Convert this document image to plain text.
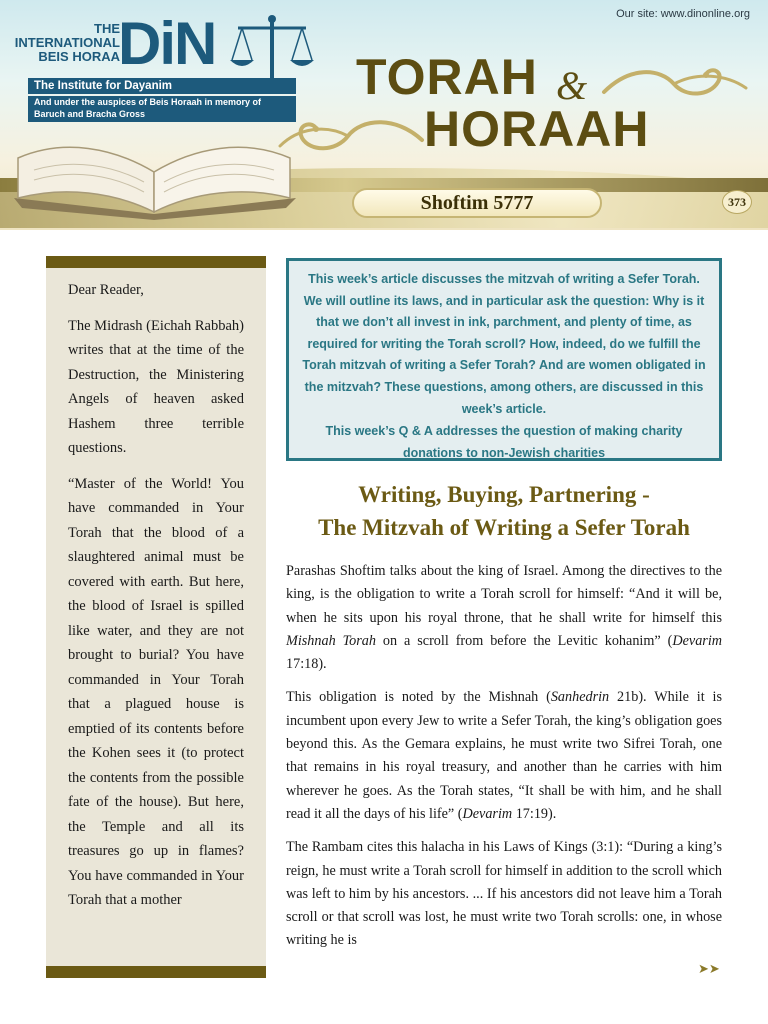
THE
INTERNATIONAL
BEIS HORAA
DiN
The Institute for Dayanim
And under the auspices of Beis Horaah in memory of Baruch and Bracha Gross
Our site: www.dinonline.org
TORAH &
HORAAH
Shoftim 5777	373

Dear Reader,

The Midrash (Eichah Rabbah) writes that at the time of the Destruction, the Ministering Angels of heaven asked Hashem three terrible questions.

“Master of the World! You have commanded in Your Torah that the blood of a slaughtered animal must be covered with earth. But here, the blood of Israel is spilled like water, and they are not brought to burial? You have commanded in Your Torah that a plagued house is emptied of its contents before the Kohen sees it (to protect the contents from the possible fate of the house). But here, the Temple and all its treasures go up in flames? You have commanded in Your Torah that a mother

This week’s article discusses the mitzvah of writing a Sefer Torah. We will outline its laws, and in particular ask the question: Why is it that we don’t all invest in ink, parchment, and plenty of time, as required for writing the Torah scroll? How, indeed, do we fulfill the Torah mitzvah of writing a Sefer Torah? And are women obligated in the mitzvah? These questions, among others, are discussed in this week’s article.

This week’s Q & A addresses the question of making charity donations to non-Jewish charities

Writing, Buying, Partnering -
The Mitzvah of Writing a Sefer Torah

Parashas Shoftim talks about the king of Israel. Among the directives to the king, is the obligation to write a Torah scroll for himself: “And it will be, when he sits upon his royal throne, that he shall write for himself this Mishnah Torah on a scroll from before the Levitic kohanim” (Devarim 17:18).

This obligation is noted by the Mishnah (Sanhedrin 21b). While it is incumbent upon every Jew to write a Sefer Torah, the king’s obligation goes beyond this. As the Gemara explains, he must write two Sifrei Torah, one that remains in his royal treasury, and another than he carries with him wherever he goes. As the Torah states, “It shall be with him, and he shall read it all the days of his life” (Devarim 17:19).

The Rambam cites this halacha in his Laws of Kings (3:1): “During a king’s reign, he must write a Torah scroll for himself in addition to the scroll which was left to him by his ancestors. ... If his ancestors did not leave him a Torah scroll or that scroll was lost, he must write two Torah scrolls: one, in whose writing he is

➤➤
